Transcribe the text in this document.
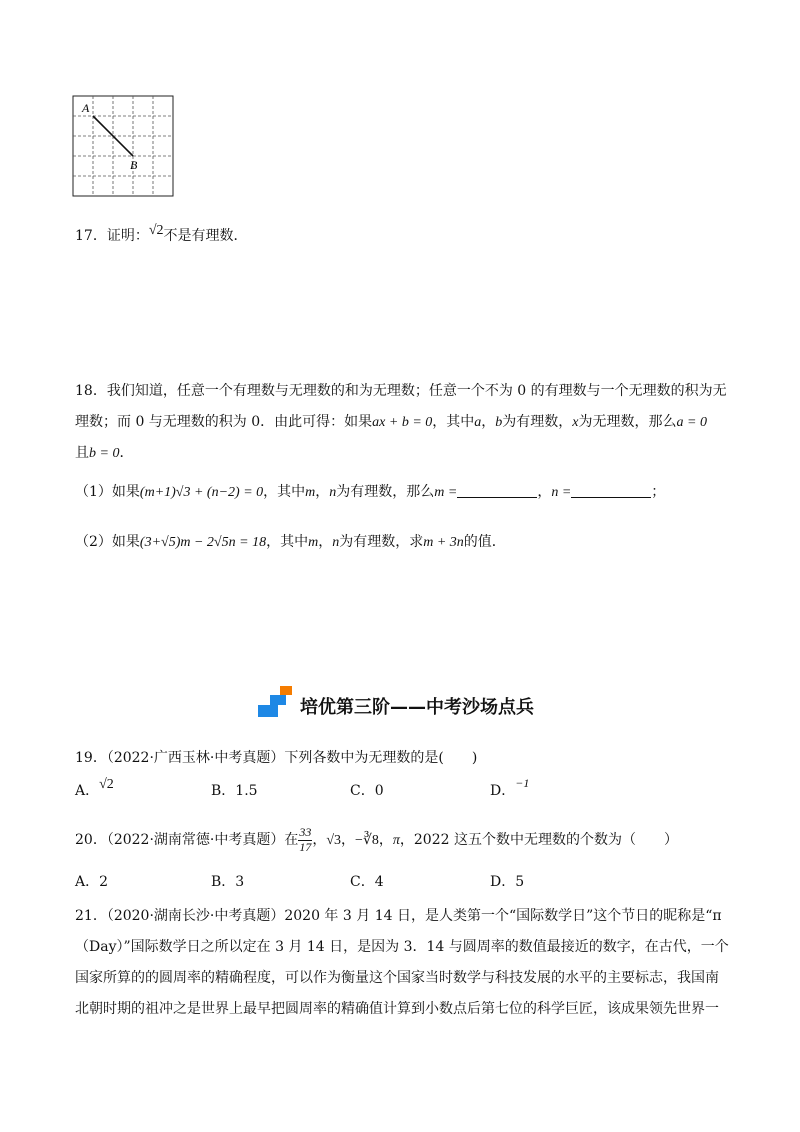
A
B
17．证明：√2不是有理数．
18．我们知道，任意一个有理数与无理数的和为无理数；任意一个不为 0 的有理数与一个无理数的积为无
理数；而 0 与无理数的积为 0．由此可得：如果ax + b = 0，其中a，b为有理数，x为无理数，那么a = 0
且b = 0．
（1）如果(m+1)√3 + (n−2) = 0，其中m，n为有理数，那么m =	，n =	；
（2）如果(3+√5)m − 2√5n = 18，其中m，n为有理数，求m + 3n的值．
培优第三阶——中考沙场点兵
19．（2022·广西玉林·中考真题）下列各数中为无理数的是(　　)
A．√2	B．1.5	C．0	D．−1
20．（2022·湖南常德·中考真题）在 $\frac{33}{17}$ ，√3，−∛8，π，2022 这五个数中无理数的个数为（　　）
A．2	B．3	C．4	D．5
21．（2020·湖南长沙·中考真题）2020 年 3 月 14 日，是人类第一个“国际数学日”这个节日的昵称是“π
（Day）”国际数学日之所以定在 3 月 14 日，是因为 3．14 与圆周率的数值最接近的数字，在古代，一个
国家所算的的圆周率的精确程度，可以作为衡量这个国家当时数学与科技发展的水平的主要标志，我国南
北朝时期的祖冲之是世界上最早把圆周率的精确值计算到小数点后第七位的科学巨匠，该成果领先世界一
